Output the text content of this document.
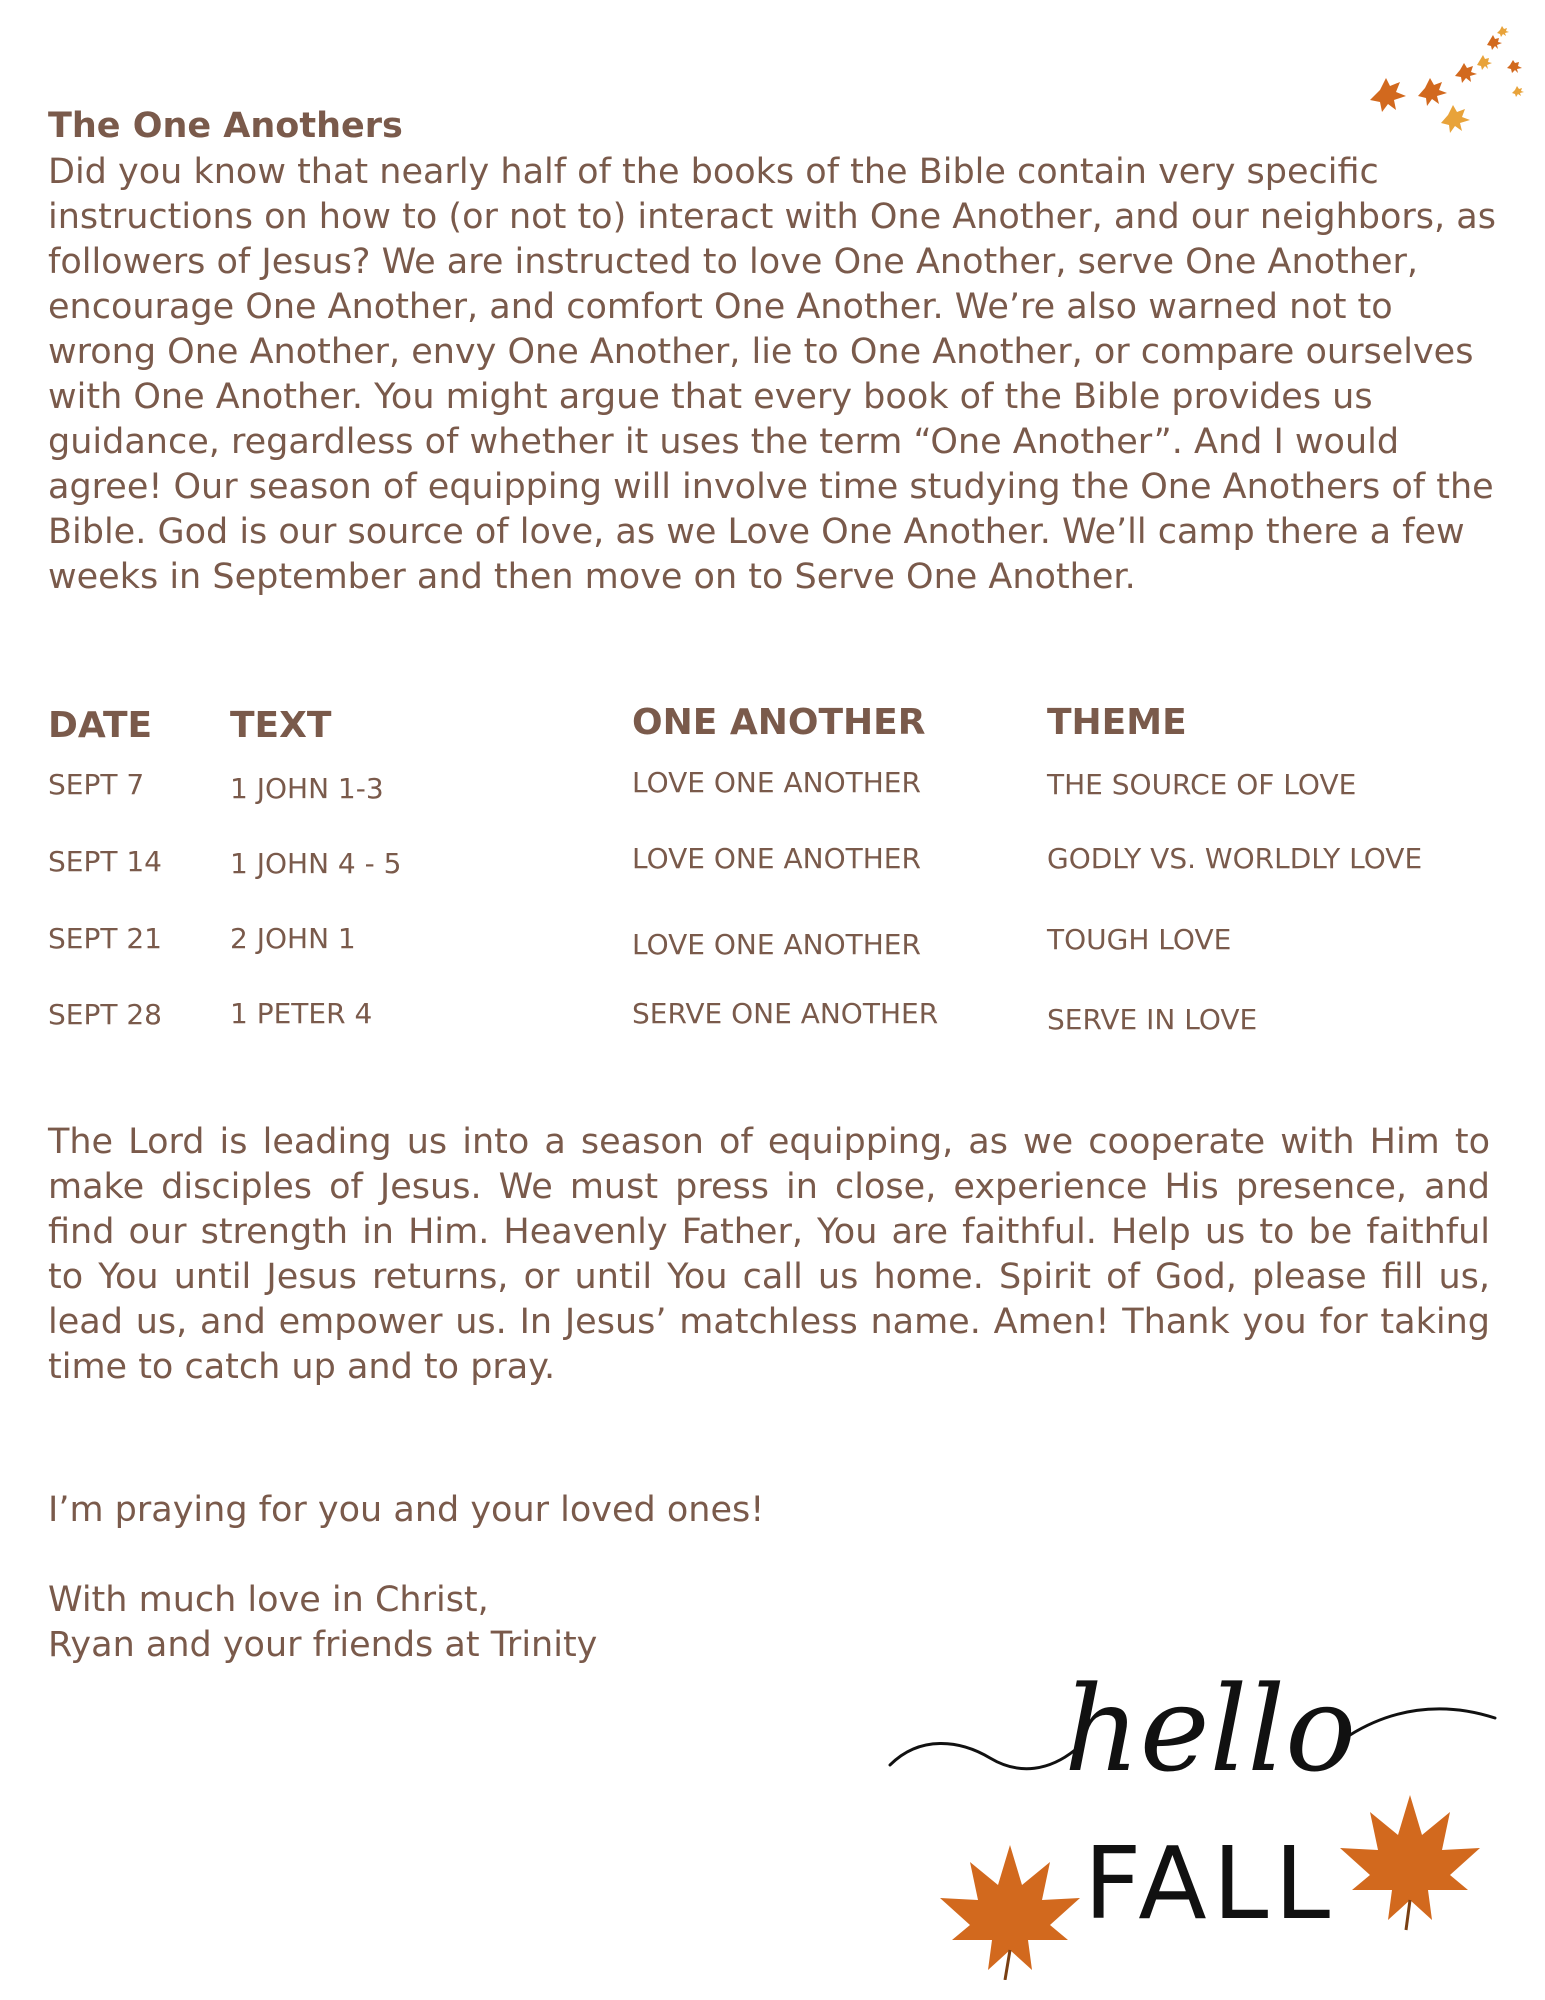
The One Anothers
Did you know that nearly half of the books of the Bible contain very specific instructions on how to (or not to) interact with One Another, and our neighbors, as followers of Jesus? We are instructed to love One Another, serve One Another, encourage One Another, and comfort One Another. We’re also warned not to wrong One Another, envy One Another, lie to One Another, or compare ourselves with One Another. You might argue that every book of the Bible provides us guidance, regardless of whether it uses the term “One Another”. And I would agree! Our season of equipping will involve time studying the One Anothers of the Bible. God is our source of love, as we Love One Another. We’ll camp there a few weeks in September and then move on to Serve One Another.
DATE TEXT	ONE ANOTHER	THEME
SEPT 7	1 JOHN 1-3	LOVE ONE ANOTHER	THE SOURCE OF LOVE
SEPT 14 1 JOHN 4 - 5	LOVE ONE ANOTHER	GODLY VS. WORLDLY LOVE
SEPT 21 2 JOHN 1	LOVE ONE ANOTHER	TOUGH LOVE
SEPT 28 1 PETER 4	SERVE ONE ANOTHER	SERVE IN LOVE
The Lord is leading us into a season of equipping, as we cooperate with Him to make disciples of Jesus. We must press in close, experience His presence, and find our strength in Him. Heavenly Father, You are faithful. Help us to be faithful to You until Jesus returns, or until You call us home. Spirit of God, please fill us, lead us, and empower us. In Jesus’ matchless name. Amen! Thank you for taking time to catch up and to pray.
I’m praying for you and your loved ones!
With much love in Christ,
Ryan and your friends at Trinity
hello
FALL
